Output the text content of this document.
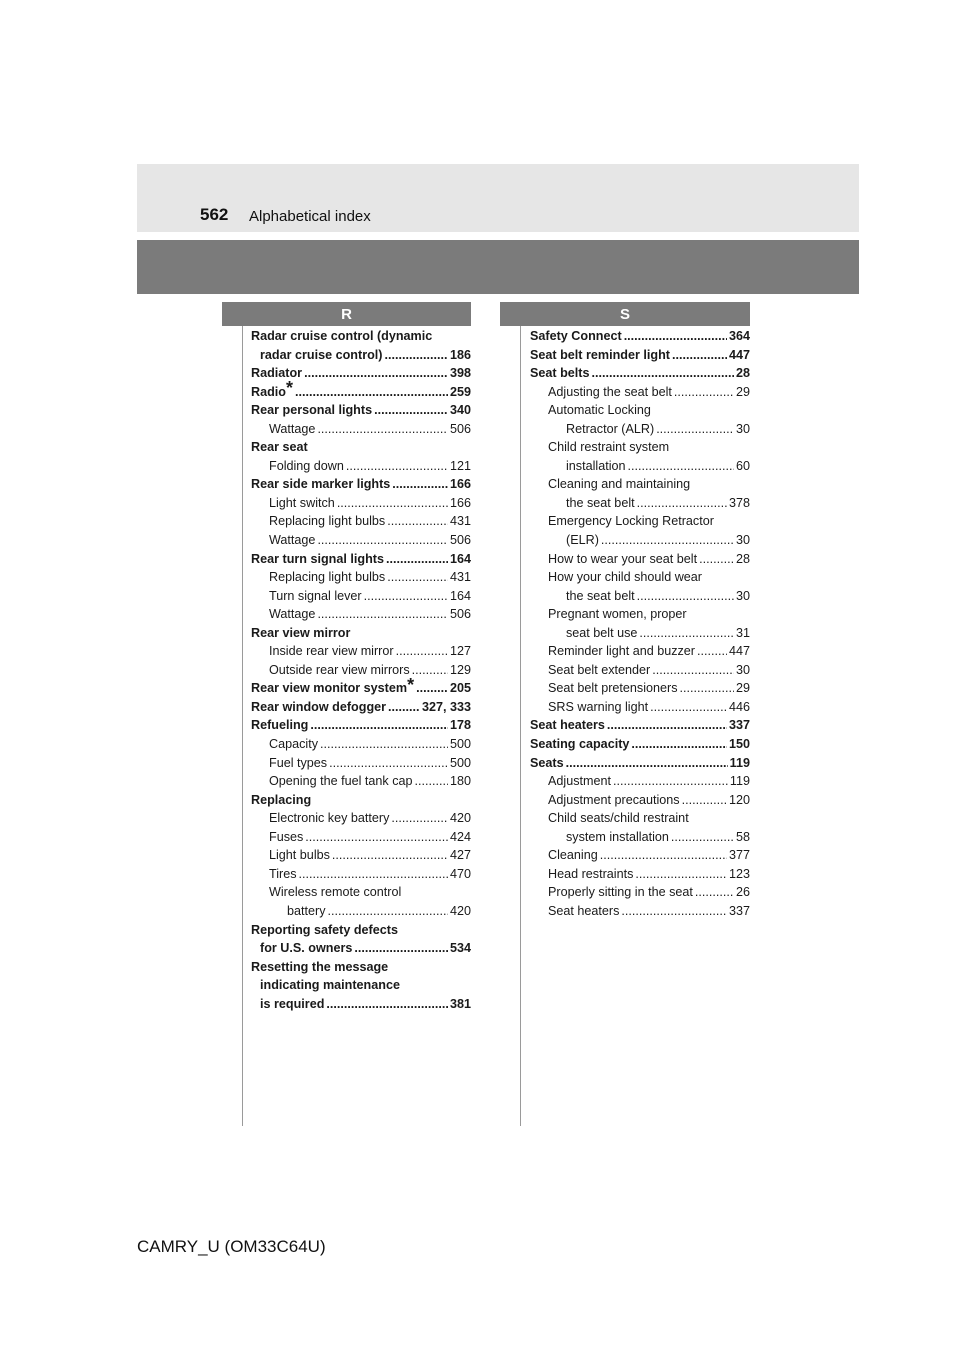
562 Alphabetical index
R	S
Radar cruise control (dynamic
radar cruise control) .....	186
Radiator .....	398
Radio* .....	259
Rear personal lights .....	340
Wattage .....	506
Rear seat
Folding down .....	121
Rear side marker lights .....	166
Light switch .....	166
Replacing light bulbs .....	431
Wattage .....	506
Rear turn signal lights .....	164
Replacing light bulbs .....	431
Turn signal lever .....	164
Wattage .....	506
Rear view mirror
Inside rear view mirror .....	127
Outside rear view mirrors .....	129
Rear view monitor system* .....	205
Rear window defogger .....	327, 333
Refueling .....	178
Capacity .....	500
Fuel types .....	500
Opening the fuel tank cap .....	180
Replacing
Electronic key battery .....	420
Fuses .....	424
Light bulbs .....	427
Tires .....	470
Wireless remote control
battery .....	420
Reporting safety defects
for U.S. owners .....	534
Resetting the message
indicating maintenance
is required .....	381
Safety Connect .....	364
Seat belt reminder light .....	447
Seat belts .....	28
Adjusting the seat belt .....	29
Automatic Locking
Retractor (ALR) .....	30
Child restraint system
installation .....	60
Cleaning and maintaining
the seat belt .....	378
Emergency Locking Retractor
(ELR) .....	30
How to wear your seat belt .....	28
How your child should wear
the seat belt .....	30
Pregnant women, proper
seat belt use .....	31
Reminder light and buzzer .....	447
Seat belt extender .....	30
Seat belt pretensioners .....	29
SRS warning light .....	446
Seat heaters .....	337
Seating capacity .....	150
Seats .....	119
Adjustment .....	119
Adjustment precautions .....	120
Child seats/child restraint
system installation .....	58
Cleaning .....	377
Head restraints .....	123
Properly sitting in the seat .....	26
Seat heaters .....	337
CAMRY_U (OM33C64U)
